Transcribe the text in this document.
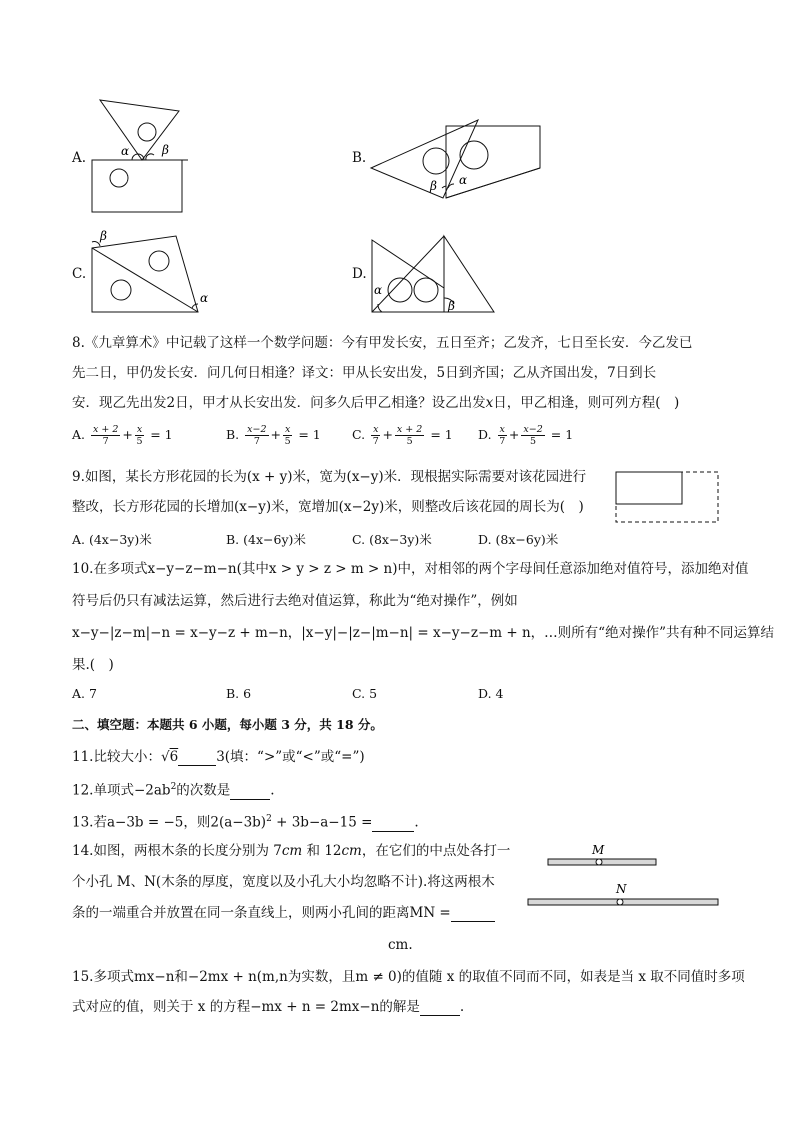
A.	α	β	B.
β α
C.
β
α
D.
α
β
8.《九章算术》中记载了这样一个数学问题：今有甲发长安，五日至齐；乙发齐，七日至长安．今乙发已
先二日，甲仍发长安．问几何日相逢？译文：甲从长安出发，5日到齐国；乙从齐国出发，7日到长
安．现乙先出发2日，甲才从长安出发．问多久后甲乙相逢？设乙出发x日，甲乙相逢，则可列方程(　)
A. $\frac{x + 2}{7} + \frac{x}{5} = 1$	B. $\frac{x-2}{7} + \frac{x}{5} = 1$ C. $\frac{x}{7} + \frac{x + 2}{5} = 1$ D. $\frac{x}{7} + \frac{x-2}{5} = 1$
9.如图，某长方形花园的长为(x + y)米，宽为(x−y)米．现根据实际需要对该花园进行
整改，长方形花园的长增加(x−y)米，宽增加(x−2y)米，则整改后该花园的周长为(　)
A. (4x−3y)米	B. (4x−6y)米	C. (8x−3y)米	D. (8x−6y)米
10.在多项式x−y−z−m−n(其中x > y > z > m > n)中，对相邻的两个字母间任意添加绝对值符号，添加绝对值
符号后仍只有减法运算，然后进行去绝对值运算，称此为“绝对操作”，例如
x−y−|z−m|−n = x−y−z + m−n，|x−y|−|z−|m−n| = x−y−z−m + n，…则所有“绝对操作”共有种不同运算结
果.(　)
A. 7	B. 6	C. 5	D. 4
二、填空题：本题共 6 小题，每小题 3 分，共 18 分。
11.比较大小：√6	3(填：“>”或“<”或“=”)
12.单项式$-2ab^2$的次数是	.
13.若a−3b = −5，则$2(a-3b)^2 + 3b-a-15$ =	.
14.如图，两根木条的长度分别为 7cm 和 12cm，在它们的中点处各打一
个小孔 M、N(木条的厚度，宽度以及小孔大小均忽略不计).将这两根木
条的一端重合并放置在同一条直线上，则两小孔间的距离MN =
cm.
M
N
15.多项式mx−n和−2mx + n(m,n为实数，且m ≠ 0)的值随 x 的取值不同而不同，如表是当 x 取不同值时多项
式对应的值，则关于 x 的方程−mx + n = 2mx−n的解是	.
